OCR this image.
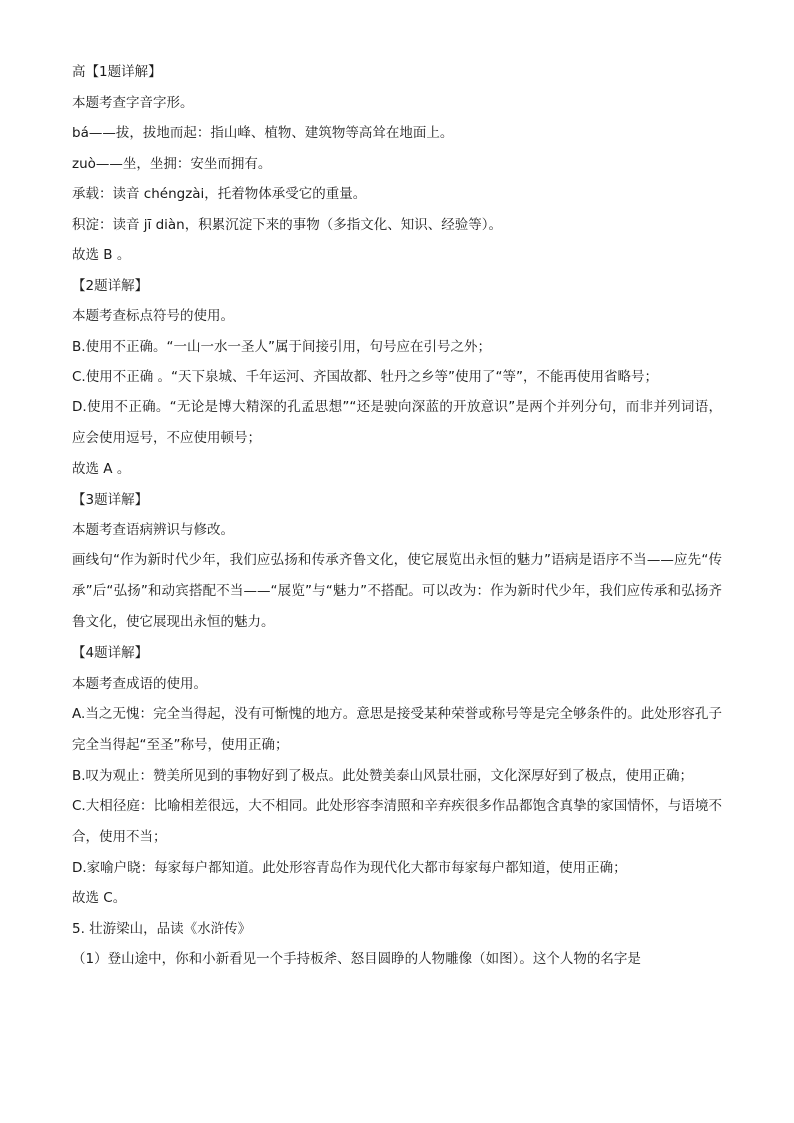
高【1题详解】
本题考查字音字形。
bá——拔，拔地而起：指山峰、植物、建筑物等高耸在地面上。
zuò——坐，坐拥：安坐而拥有。
承载：读音 chéngzài，托着物体承受它的重量。
积淀：读音 jī diàn，积累沉淀下来的事物（多指文化、知识、经验等）。
故选 B 。
【2题详解】
本题考查标点符号的使用。
B.使用不正确。“一山一水一圣人”属于间接引用，句号应在引号之外；
C.使用不正确 。“天下泉城、千年运河、齐国故都、牡丹之乡等”使用了“等”，不能再使用省略号；
D.使用不正确。“无论是博大精深的孔孟思想”“还是驶向深蓝的开放意识”是两个并列分句，而非并列词语，应会使用逗号，不应使用顿号；
故选 A 。
【3题详解】
本题考查语病辨识与修改。
画线句“作为新时代少年，我们应弘扬和传承齐鲁文化，使它展览出永恒的魅力”语病是语序不当——应先“传承”后“弘扬”和动宾搭配不当——“展览”与“魅力”不搭配。可以改为：作为新时代少年，我们应传承和弘扬齐鲁文化，使它展现出永恒的魅力。
【4题详解】
本题考查成语的使用。
A.当之无愧：完全当得起，没有可惭愧的地方。意思是接受某种荣誉或称号等是完全够条件的。此处形容孔子完全当得起“至圣”称号，使用正确；
B.叹为观止：赞美所见到的事物好到了极点。此处赞美泰山风景壮丽，文化深厚好到了极点，使用正确；
C.大相径庭：比喻相差很远，大不相同。此处形容李清照和辛弃疾很多作品都饱含真挚的家国情怀，与语境不合，使用不当；
D.家喻户晓：每家每户都知道。此处形容青岛作为现代化大都市每家每户都知道，使用正确；
故选 C。
5. 壮游梁山，品读《水浒传》
（1）登山途中，你和小新看见一个手持板斧、怒目圆睁的人物雕像（如图）。这个人物的名字是
